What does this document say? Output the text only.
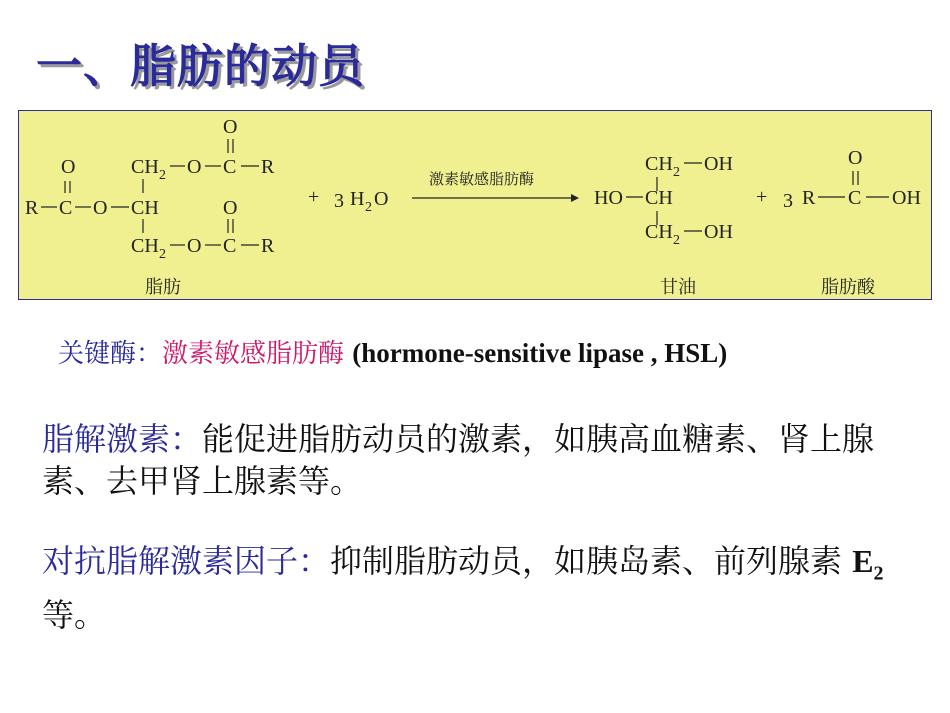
一、脂肪的动员
O
R C O CH
CH 2 O C R
O
CH 2 O C R
O
脂肪
+ 3 H 2 O
激素敏感脂肪酶
CH 2 OH
HO CH
CH 2 OH
甘油
+ 3 R C OH
O
脂肪酸
关键酶：激素敏感脂肪酶 (hormone-sensitive lipase , HSL)
脂解激素：能促进脂肪动员的激素，如胰高血糖素、肾上腺素、去甲肾上腺素等。
对抗脂解激素因子：抑制脂肪动员，如胰岛素、前列腺素 $E_2$ 等。
